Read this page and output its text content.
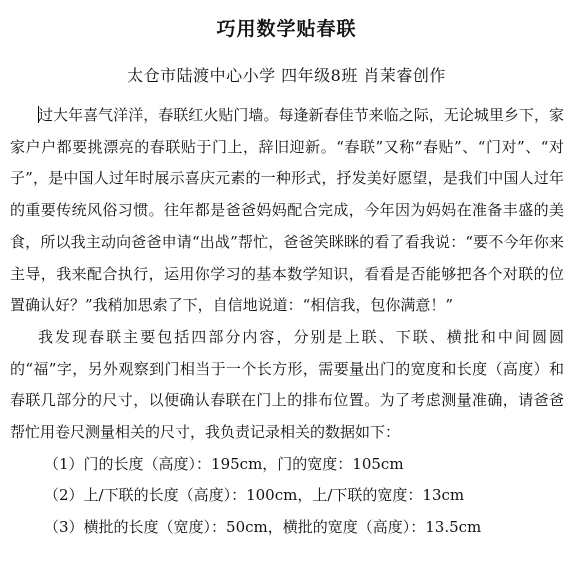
巧用数学贴春联
太仓市陆渡中心小学 四年级8班 肖茉睿创作

过大年喜气洋洋，春联红火贴门墙。每逢新春佳节来临之际，无论城里乡下，家家户户都要挑漂亮的春联贴于门上，辞旧迎新。“春联”又称“春贴”、“门对”、“对子”，是中国人过年时展示喜庆元素的一种形式，抒发美好愿望，是我们中国人过年的重要传统风俗习惯。往年都是爸爸妈妈配合完成，今年因为妈妈在准备丰盛的美食，所以我主动向爸爸申请“出战”帮忙，爸爸笑眯眯的看了看我说：“要不今年你来主导，我来配合执行，运用你学习的基本数学知识，看看是否能够把各个对联的位置确认好？”我稍加思索了下，自信地说道：“相信我，包你满意！”

我发现春联主要包括四部分内容，分别是上联、下联、横批和中间圆圆的“福”字，另外观察到门相当于一个长方形，需要量出门的宽度和长度（高度）和春联几部分的尺寸，以便确认春联在门上的排布位置。为了考虑测量准确，请爸爸帮忙用卷尺测量相关的尺寸，我负责记录相关的数据如下：

（1）门的长度（高度）：195cm，门的宽度：105cm

（2）上/下联的长度（高度）：100cm，上/下联的宽度：13cm

（3）横批的长度（宽度）：50cm，横批的宽度（高度）：13.5cm
